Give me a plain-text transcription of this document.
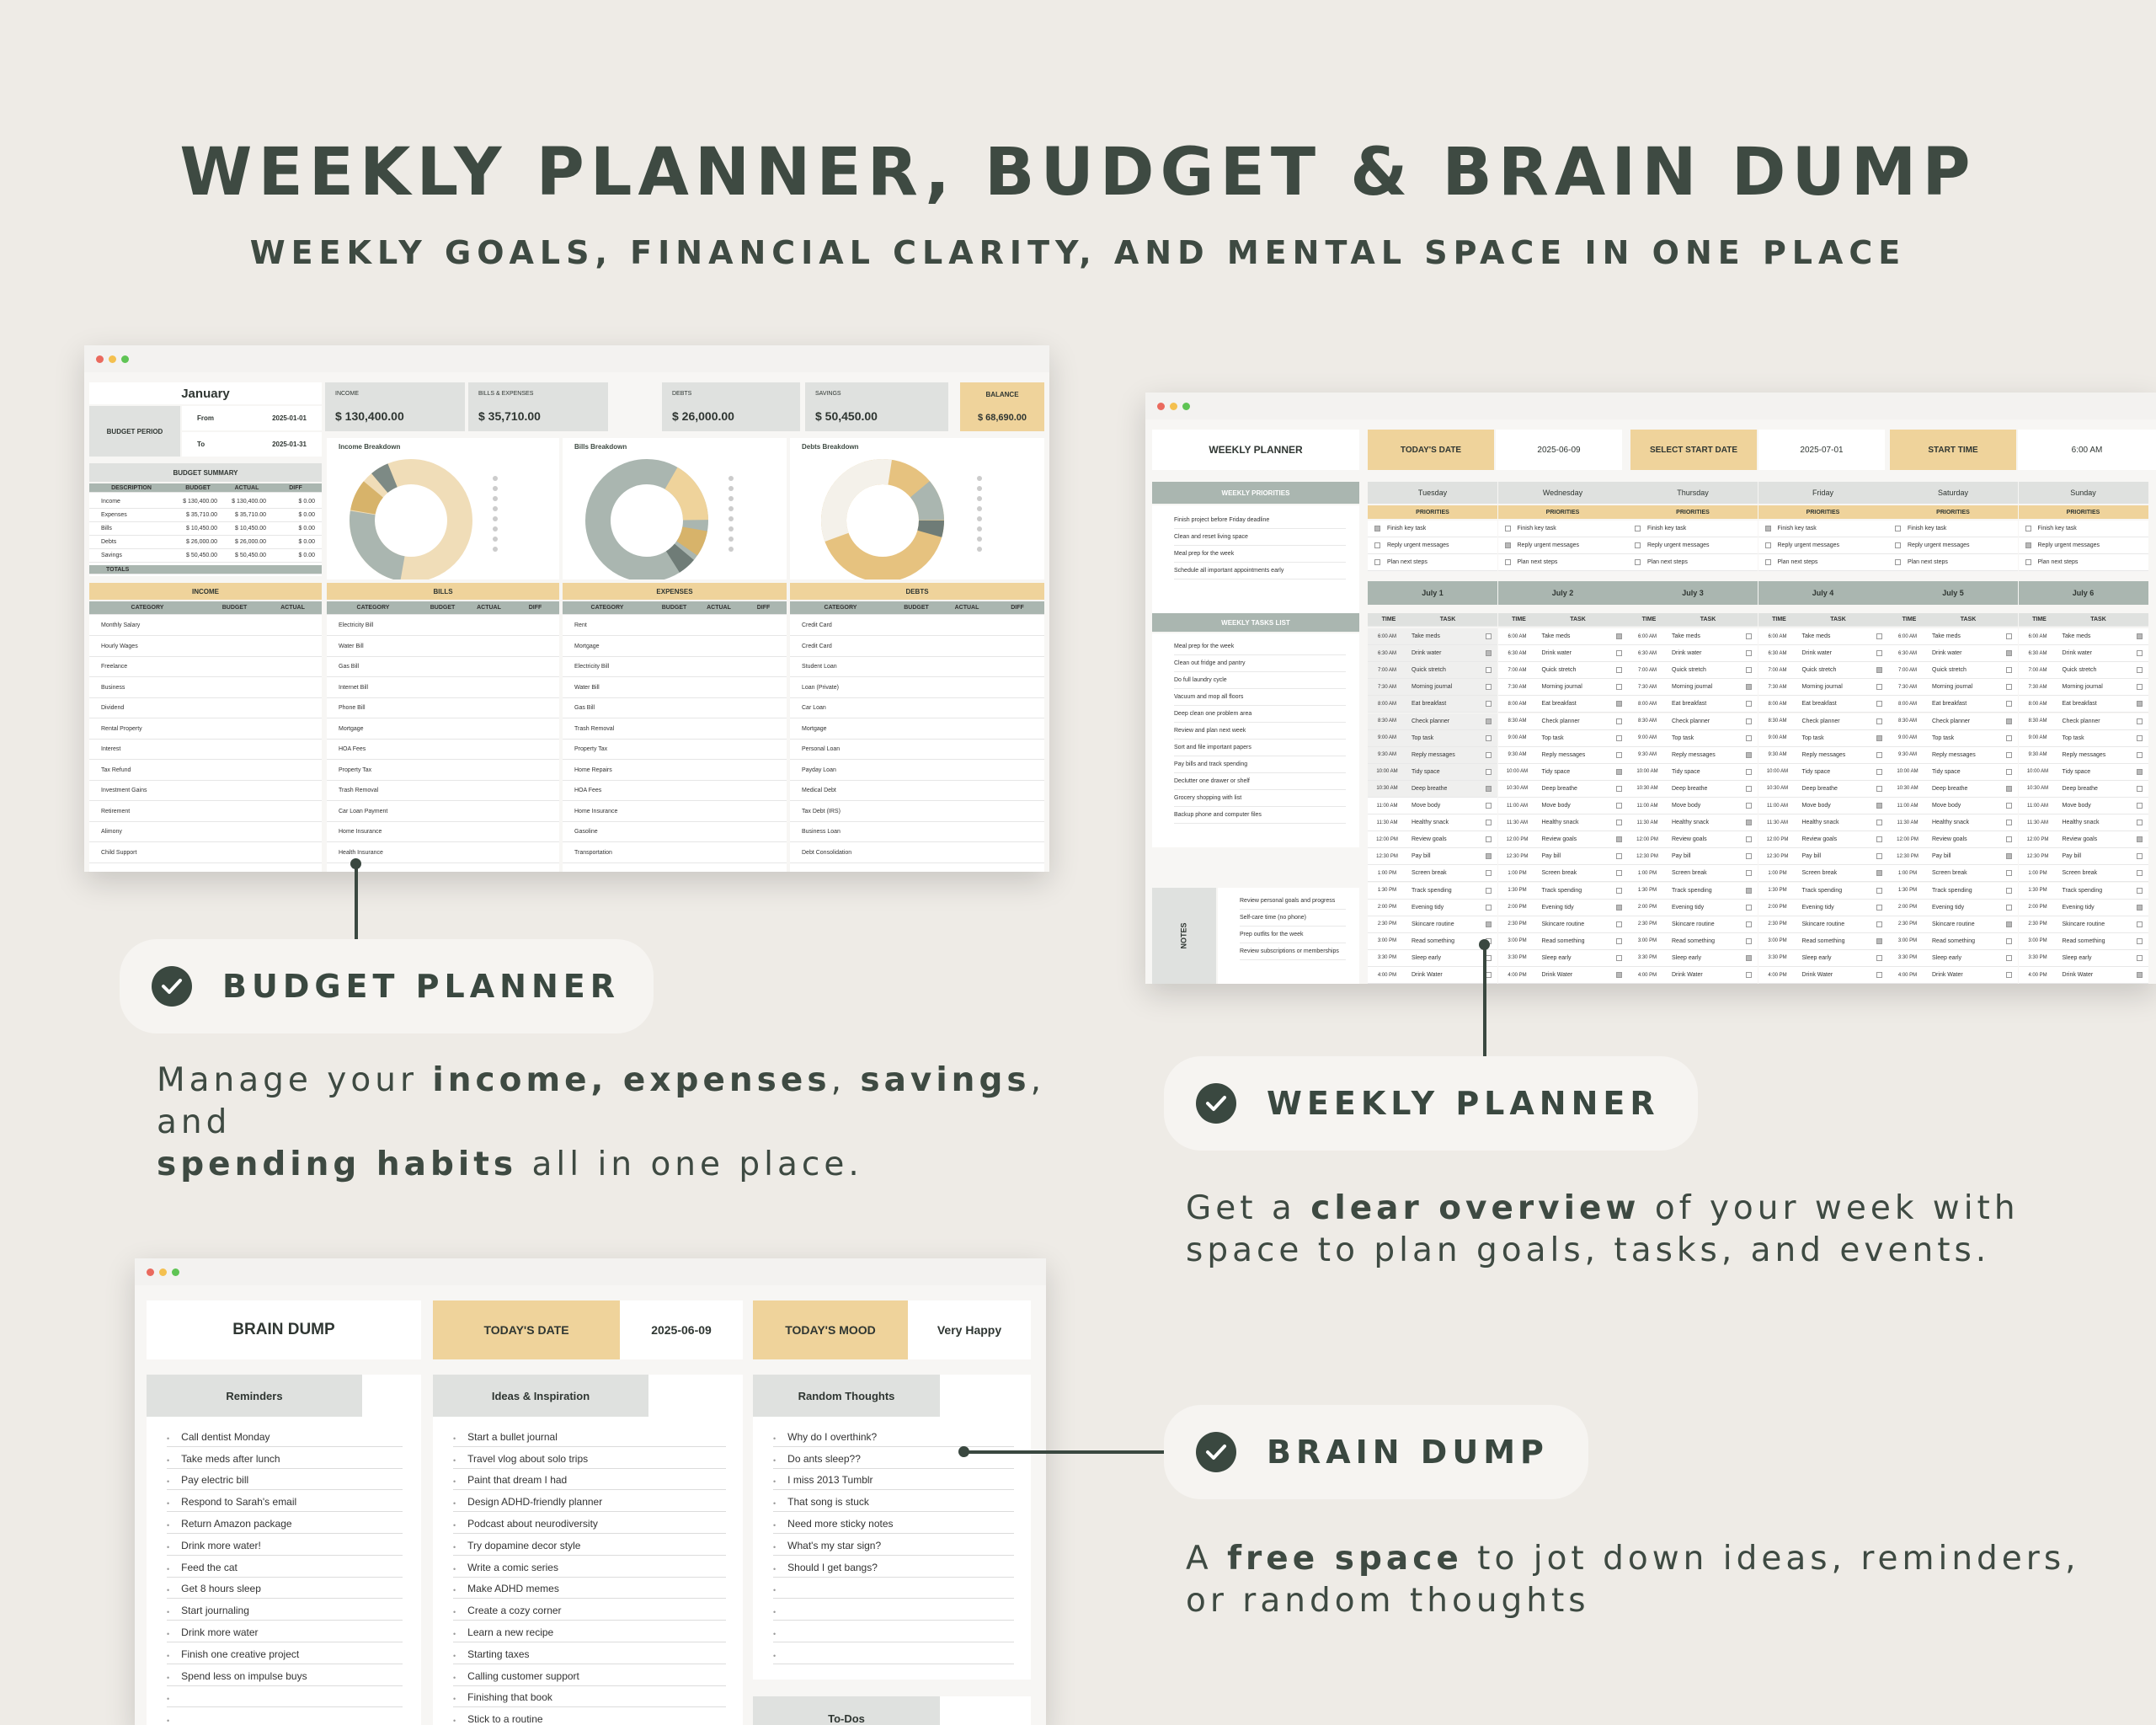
WEEKLY PLANNER, BUDGET & BRAIN DUMP
WEEKLY GOALS, FINANCIAL CLARITY, AND MENTAL SPACE IN ONE PLACE
January
BUDGET PERIOD
From	2025-01-01
To	2025-01-31
BUDGET SUMMARY
DESCRIPTION	BUDGET	ACTUAL	DIFF
Income	$ 130,400.00	$ 130,400.00	$ 0.00
Expenses	$ 35,710.00	$ 35,710.00	$ 0.00
Bills	$ 10,450.00	$ 10,450.00	$ 0.00
Debts	$ 26,000.00	$ 26,000.00	$ 0.00
Savings	$ 50,450.00	$ 50,450.00	$ 0.00
TOTALS
INCOME
$ 130,400.00
BILLS & EXPENSES
$ 35,710.00
DEBTS
$ 26,000.00
SAVINGS
$ 50,450.00
BALANCE
$ 68,690.00
Income Breakdown	Bills Breakdown	Debts Breakdown
INCOME	BILLS	EXPENSES	DEBTS
CATEGORY	BUDGET	ACTUAL
Monthly Salary
Hourly Wages
Freelance
Business
Dividend
Rental Property
Interest
Tax Refund
Investment Gains
Retirement
Alimony
Child Support
CATEGORY	BUDGET	ACTUAL	DIFF
Electricity Bill
Water Bill
Gas Bill
Internet Bill
Phone Bill
Mortgage
HOA Fees
Property Tax
Trash Removal
Car Loan Payment
Home Insurance
Health Insurance
CATEGORY	BUDGET	ACTUAL	DIFF
Rent
Mortgage
Electricity Bill
Water Bill
Gas Bill
Trash Removal
Property Tax
Home Repairs
HOA Fees
Home Insurance
Gasoline
Transportation
CATEGORY	BUDGET	ACTUAL	DIFF
Credit Card
Credit Card
Student Loan
Loan (Private)
Car Loan
Mortgage
Personal Loan
Payday Loan
Medical Debt
Tax Debt (IRS)
Business Loan
Debt Consolidation
WEEKLY PLANNER	TODAY'S DATE	2025-06-09	SELECT START DATE	2025-07-01	START TIME	6:00 AM
WEEKLY PRIORITIES
Finish project before Friday deadline
Clean and reset living space
Meal prep for the week
Schedule all important appointments early
WEEKLY TASKS LIST
Meal prep for the week
Clean out fridge and pantry
Do full laundry cycle
Vacuum and mop all floors
Deep clean one problem area
Review and plan next week
Sort and file important papers
Pay bills and track spending
Declutter one drawer or shelf
Grocery shopping with list
Backup phone and computer files
NOTES
Review personal goals and progress
Self-care time (no phone)
Prep outfits for the week
Review subscriptions or memberships
Tuesday
PRIORITIES
Finish key task
Reply urgent messages
Plan next steps
July 1
TIME	TASK
6:00 AM	Take meds
6:30 AM	Drink water
7:00 AM	Quick stretch
7:30 AM	Morning journal
8:00 AM	Eat breakfast
8:30 AM	Check planner
9:00 AM	Top task
9:30 AM	Reply messages
10:00 AM	Tidy space
10:30 AM	Deep breathe
11:00 AM	Move body
11:30 AM	Healthy snack
12:00 PM	Review goals
12:30 PM	Pay bill
1:00 PM	Screen break
1:30 PM	Track spending
2:00 PM	Evening tidy
2:30 PM	Skincare routine
3:00 PM	Read something
3:30 PM	Sleep early
4:00 PM	Drink Water
Wednesday
PRIORITIES
Finish key task
Reply urgent messages
Plan next steps
July 2
TIME	TASK
6:00 AM	Take meds
6:30 AM	Drink water
7:00 AM	Quick stretch
7:30 AM	Morning journal
8:00 AM	Eat breakfast
8:30 AM	Check planner
9:00 AM	Top task
9:30 AM	Reply messages
10:00 AM	Tidy space
10:30 AM	Deep breathe
11:00 AM	Move body
11:30 AM	Healthy snack
12:00 PM	Review goals
12:30 PM	Pay bill
1:00 PM	Screen break
1:30 PM	Track spending
2:00 PM	Evening tidy
2:30 PM	Skincare routine
3:00 PM	Read something
3:30 PM	Sleep early
4:00 PM	Drink Water
Thursday
PRIORITIES
Finish key task
Reply urgent messages
Plan next steps
July 3
TIME	TASK
6:00 AM	Take meds
6:30 AM	Drink water
7:00 AM	Quick stretch
7:30 AM	Morning journal
8:00 AM	Eat breakfast
8:30 AM	Check planner
9:00 AM	Top task
9:30 AM	Reply messages
10:00 AM	Tidy space
10:30 AM	Deep breathe
11:00 AM	Move body
11:30 AM	Healthy snack
12:00 PM	Review goals
12:30 PM	Pay bill
1:00 PM	Screen break
1:30 PM	Track spending
2:00 PM	Evening tidy
2:30 PM	Skincare routine
3:00 PM	Read something
3:30 PM	Sleep early
4:00 PM	Drink Water
Friday
PRIORITIES
Finish key task
Reply urgent messages
Plan next steps
July 4
TIME	TASK
6:00 AM	Take meds
6:30 AM	Drink water
7:00 AM	Quick stretch
7:30 AM	Morning journal
8:00 AM	Eat breakfast
8:30 AM	Check planner
9:00 AM	Top task
9:30 AM	Reply messages
10:00 AM	Tidy space
10:30 AM	Deep breathe
11:00 AM	Move body
11:30 AM	Healthy snack
12:00 PM	Review goals
12:30 PM	Pay bill
1:00 PM	Screen break
1:30 PM	Track spending
2:00 PM	Evening tidy
2:30 PM	Skincare routine
3:00 PM	Read something
3:30 PM	Sleep early
4:00 PM	Drink Water
Saturday
PRIORITIES
Finish key task
Reply urgent messages
Plan next steps
July 5
TIME	TASK
6:00 AM	Take meds
6:30 AM	Drink water
7:00 AM	Quick stretch
7:30 AM	Morning journal
8:00 AM	Eat breakfast
8:30 AM	Check planner
9:00 AM	Top task
9:30 AM	Reply messages
10:00 AM	Tidy space
10:30 AM	Deep breathe
11:00 AM	Move body
11:30 AM	Healthy snack
12:00 PM	Review goals
12:30 PM	Pay bill
1:00 PM	Screen break
1:30 PM	Track spending
2:00 PM	Evening tidy
2:30 PM	Skincare routine
3:00 PM	Read something
3:30 PM	Sleep early
4:00 PM	Drink Water
Sunday
PRIORITIES
Finish key task
Reply urgent messages
Plan next steps
July 6
TIME	TASK
6:00 AM	Take meds
6:30 AM	Drink water
7:00 AM	Quick stretch
7:30 AM	Morning journal
8:00 AM	Eat breakfast
8:30 AM	Check planner
9:00 AM	Top task
9:30 AM	Reply messages
10:00 AM	Tidy space
10:30 AM	Deep breathe
11:00 AM	Move body
11:30 AM	Healthy snack
12:00 PM	Review goals
12:30 PM	Pay bill
1:00 PM	Screen break
1:30 PM	Track spending
2:00 PM	Evening tidy
2:30 PM	Skincare routine
3:00 PM	Read something
3:30 PM	Sleep early
4:00 PM	Drink Water
BRAIN DUMP	TODAY'S DATE	2025-06-09	TODAY'S MOOD	Very Happy
Reminders
• Call dentist Monday
• Take meds after lunch
• Pay electric bill
• Respond to Sarah's email
• Return Amazon package
• Drink more water!
• Feed the cat
• Get 8 hours sleep
• Start journaling
• Drink more water
• Finish one creative project
• Spend less on impulse buys
•
•
Ideas & Inspiration
• Start a bullet journal
• Travel vlog about solo trips
• Paint that dream I had
• Design ADHD-friendly planner
• Podcast about neurodiversity
• Try dopamine decor style
• Write a comic series
• Make ADHD memes
• Create a cozy corner
• Learn a new recipe
• Starting taxes
• Calling customer support
• Finishing that book
• Stick to a routine
Random Thoughts
• Why do I overthink?
• Do ants sleep??
• I miss 2013 Tumblr
• That song is stuck
• Need more sticky notes
• What's my star sign?
• Should I get bangs?
•
•
•
•
To-Dos
BUDGET PLANNER
Manage your income, expenses, savings, and
spending habits all in one place.
WEEKLY PLANNER
Get a clear overview of your week with
space to plan goals, tasks, and events.
BRAIN DUMP
A free space to jot down ideas, reminders,
or random thoughts
